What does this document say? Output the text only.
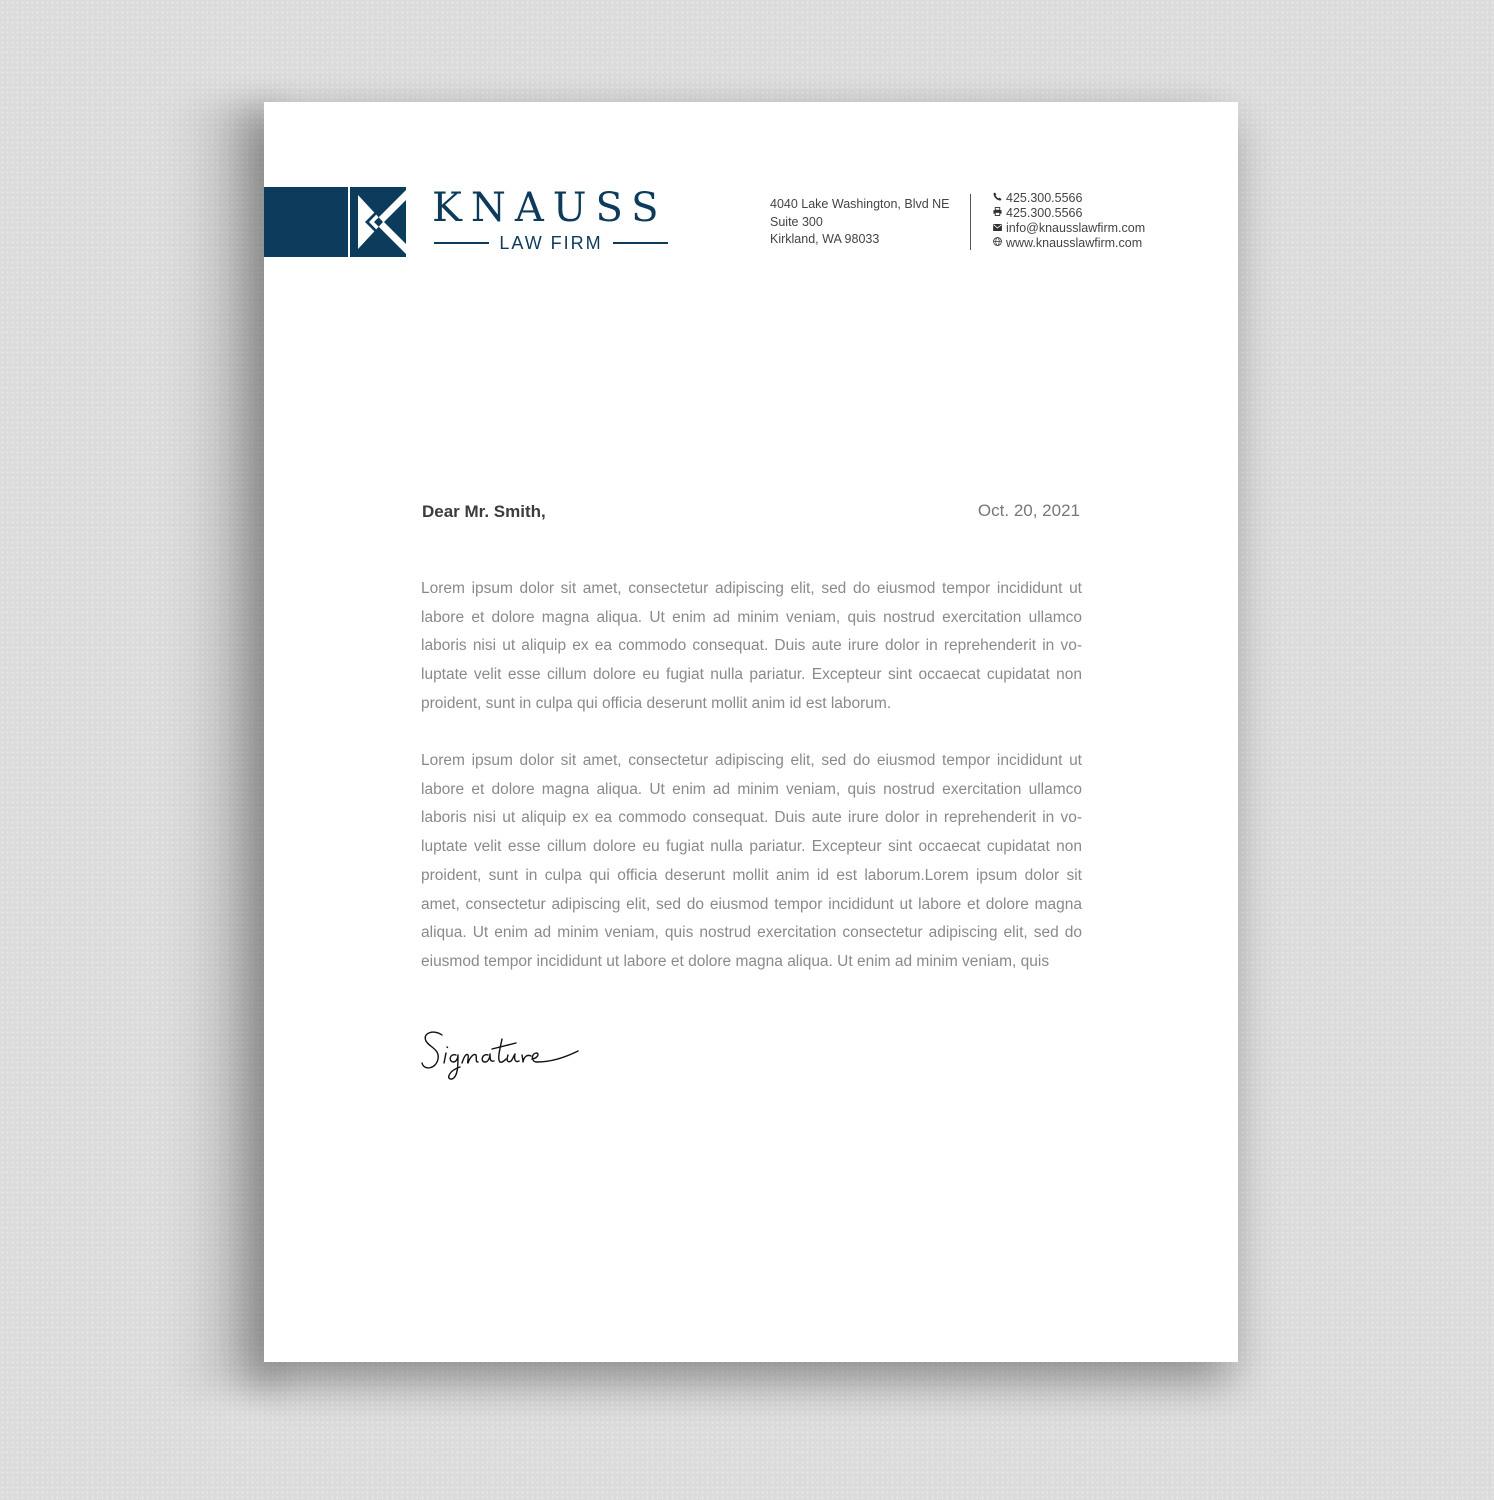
KNAUSS
LAW FIRM
4040 Lake Washington, Blvd NE
Suite 300
Kirkland, WA 98033
425.300.5566
425.300.5566
info@knausslawfirm.com
www.knausslawfirm.com
Dear Mr. Smith,	Oct. 20, 2021

Lorem ipsum dolor sit amet, consectetur adipiscing elit, sed do eiusmod tempor incididunt ut labore et dolore magna aliqua. Ut enim ad minim veniam, quis nostrud exercitation ullamco laboris nisi ut aliquip ex ea commodo consequat. Duis aute irure dolor in reprehenderit in vo-luptate velit esse cillum dolore eu fugiat nulla pariatur. Excepteur sint occaecat cupidatat non proident, sunt in culpa qui officia deserunt mollit anim id est laborum.

Lorem ipsum dolor sit amet, consectetur adipiscing elit, sed do eiusmod tempor incididunt ut labore et dolore magna aliqua. Ut enim ad minim veniam, quis nostrud exercitation ullamco laboris nisi ut aliquip ex ea commodo consequat. Duis aute irure dolor in reprehenderit in vo-luptate velit esse cillum dolore eu fugiat nulla pariatur. Excepteur sint occaecat cupidatat non proident, sunt in culpa qui officia deserunt mollit anim id est laborum.Lorem ipsum dolor sit amet, consectetur adipiscing elit, sed do eiusmod tempor incididunt ut labore et dolore magna aliqua. Ut enim ad minim veniam, quis nostrud exercitation consectetur adipiscing elit, sed do eiusmod tempor incididunt ut labore et dolore magna aliqua. Ut enim ad minim veniam, quis
